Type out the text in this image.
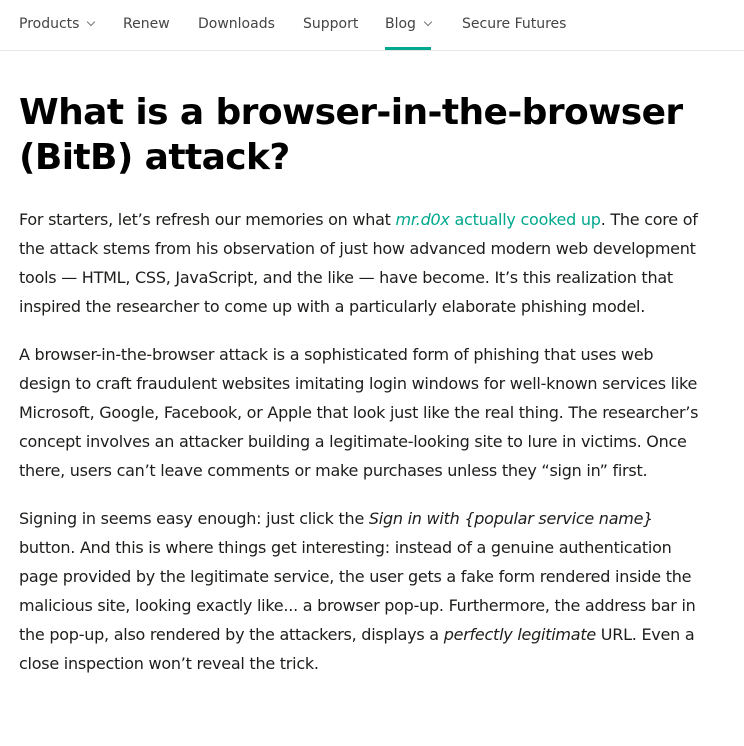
Products	Renew Downloads Support Blog	Secure Futures
What is a browser-in-the-browser (BitB) attack?

For starters, let’s refresh our memories on what mr.d0x actually cooked up. The core of the attack stems from his observation of just how advanced modern web development tools — HTML, CSS, JavaScript, and the like — have become. It’s this realization that inspired the researcher to come up with a particularly elaborate phishing model.

A browser-in-the-browser attack is a sophisticated form of phishing that uses web design to craft fraudulent websites imitating login windows for well-known services like Microsoft, Google, Facebook, or Apple that look just like the real thing. The researcher’s concept involves an attacker building a legitimate-looking site to lure in victims. Once there, users can’t leave comments or make purchases unless they “sign in” first.

Signing in seems easy enough: just click the Sign in with {popular service name} button. And this is where things get interesting: instead of a genuine authentication page provided by the legitimate service, the user gets a fake form rendered inside the malicious site, looking exactly like... a browser pop-up. Furthermore, the address bar in the pop-up, also rendered by the attackers, displays a perfectly legitimate URL. Even a close inspection won’t reveal the trick.
